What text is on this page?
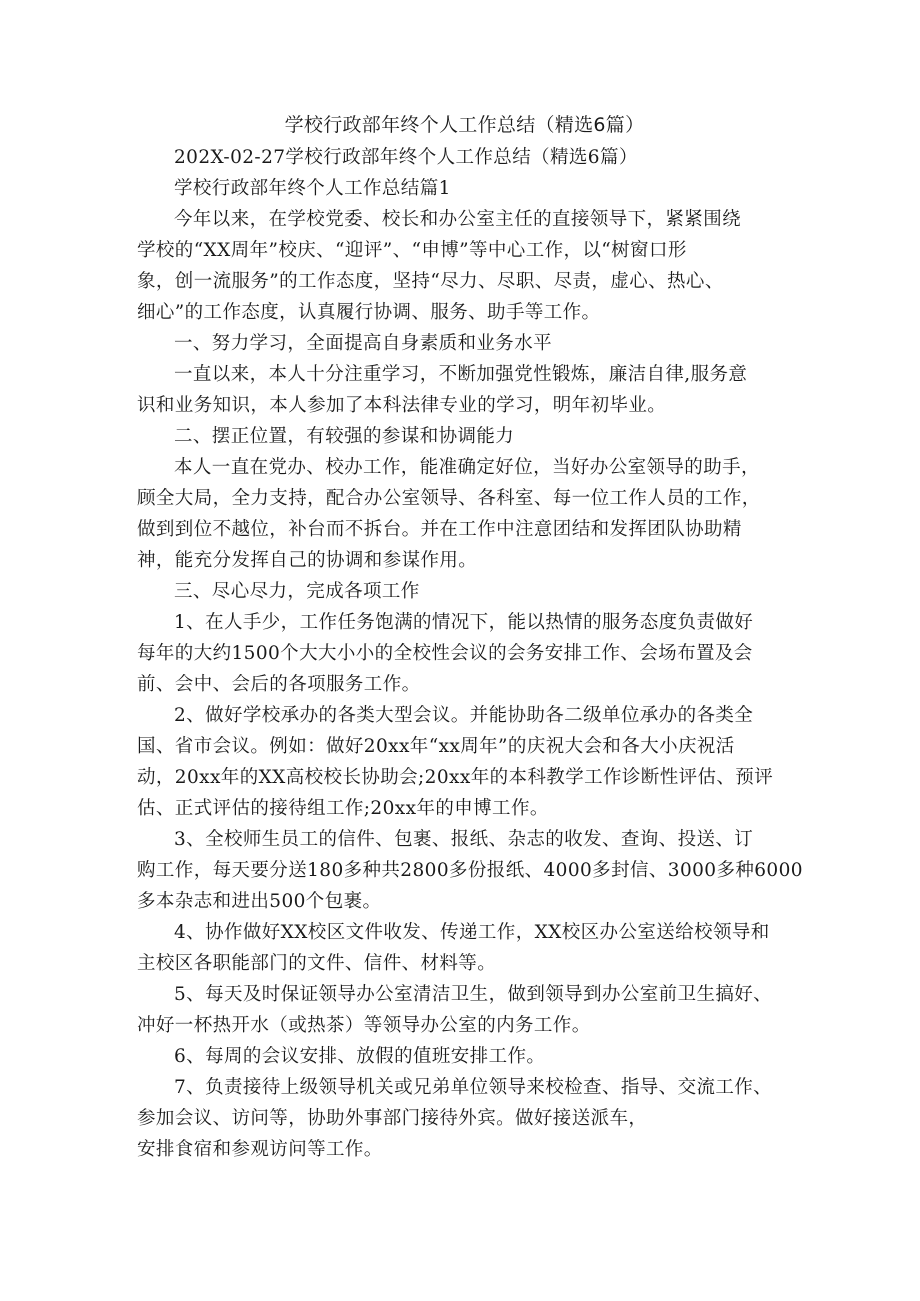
学校行政部年终个人工作总结（精选6篇）

202X-02-27学校行政部年终个人工作总结（精选6篇）

学校行政部年终个人工作总结篇1

今年以来，在学校党委、校长和办公室主任的直接领导下，紧紧围绕
学校的“XX周年”校庆、“迎评”、“申博”等中心工作，以“树窗口形
象，创一流服务”的工作态度，坚持“尽力、尽职、尽责，虚心、热心、
细心”的工作态度，认真履行协调、服务、助手等工作。

一、努力学习，全面提高自身素质和业务水平

一直以来，本人十分注重学习，不断加强党性锻炼，廉洁自律,服务意
识和业务知识，本人参加了本科法律专业的学习，明年初毕业。

二、摆正位置，有较强的参谋和协调能力

本人一直在党办、校办工作，能准确定好位，当好办公室领导的助手，
顾全大局，全力支持，配合办公室领导、各科室、每一位工作人员的工作，
做到到位不越位，补台而不拆台。并在工作中注意团结和发挥团队协助精
神，能充分发挥自己的协调和参谋作用。

三、尽心尽力，完成各项工作

1、在人手少，工作任务饱满的情况下，能以热情的服务态度负责做好
每年的大约1500个大大小小的全校性会议的会务安排工作、会场布置及会
前、会中、会后的各项服务工作。
2、做好学校承办的各类大型会议。并能协助各二级单位承办的各类全
国、省市会议。例如：做好20xx年“xx周年”的庆祝大会和各大小庆祝活
动，20xx年的XX高校校长协助会;20xx年的本科教学工作诊断性评估、预评
估、正式评估的接待组工作;20xx年的申博工作。
3、全校师生员工的信件、包裹、报纸、杂志的收发、查询、投送、订
购工作，每天要分送180多种共2800多份报纸、4000多封信、3000多种6000
多本杂志和进出500个包裹。
4、协作做好XX校区文件收发、传递工作，XX校区办公室送给校领导和
主校区各职能部门的文件、信件、材料等。
5、每天及时保证领导办公室清洁卫生，做到领导到办公室前卫生搞好、
冲好一杯热开水（或热茶）等领导办公室的内务工作。
6、每周的会议安排、放假的值班安排工作。
7、负责接待上级领导机关或兄弟单位领导来校检查、指导、交流工作、
参加会议、访问等，协助外事部门接待外宾。做好接送派车，
安排食宿和参观访问等工作。
